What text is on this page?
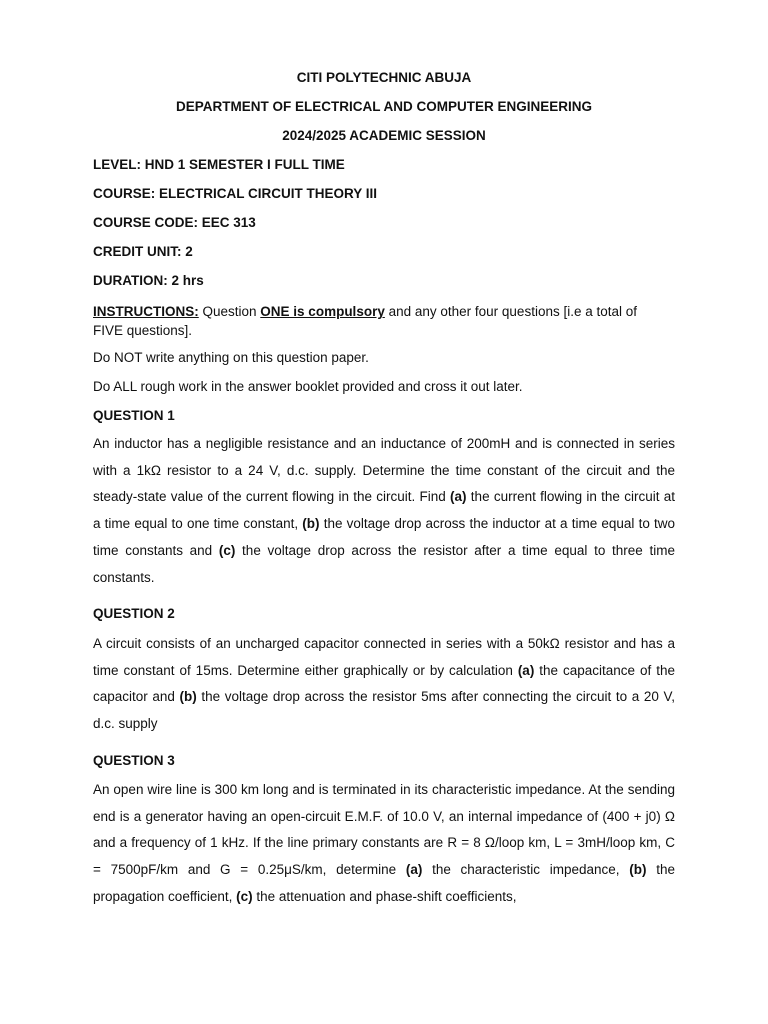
CITI POLYTECHNIC ABUJA
DEPARTMENT OF ELECTRICAL AND COMPUTER ENGINEERING
2024/2025 ACADEMIC SESSION
LEVEL: HND 1 SEMESTER I FULL TIME
COURSE: ELECTRICAL CIRCUIT THEORY III
COURSE CODE: EEC 313
CREDIT UNIT: 2
DURATION: 2 hrs
INSTRUCTIONS: Question ONE is compulsory and any other four questions [i.e a total of
FIVE questions].
Do NOT write anything on this question paper.
Do ALL rough work in the answer booklet provided and cross it out later.
QUESTION 1
An inductor has a negligible resistance and an inductance of 200mH and is connected in series with a 1kΩ resistor to a 24 V, d.c. supply. Determine the time constant of the circuit and the steady-state value of the current flowing in the circuit. Find (a) the current flowing in the circuit at a time equal to one time constant, (b) the voltage drop across the inductor at a time equal to two time constants and (c) the voltage drop across the resistor after a time equal to three time constants.
QUESTION 2
A circuit consists of an uncharged capacitor connected in series with a 50kΩ resistor and has a time constant of 15ms. Determine either graphically or by calculation (a) the capacitance of the capacitor and (b) the voltage drop across the resistor 5ms after connecting the circuit to a 20 V, d.c. supply
QUESTION 3
An open wire line is 300 km long and is terminated in its characteristic impedance. At the sending end is a generator having an open-circuit E.M.F. of 10.0 V, an internal impedance of (400 + j0) Ω and a frequency of 1 kHz. If the line primary constants are R = 8 Ω/loop km, L = 3mH/loop km, C = 7500pF/km and G = 0.25μS/km, determine (a) the characteristic impedance, (b) the propagation coefficient, (c) the attenuation and phase-shift coefficients,
